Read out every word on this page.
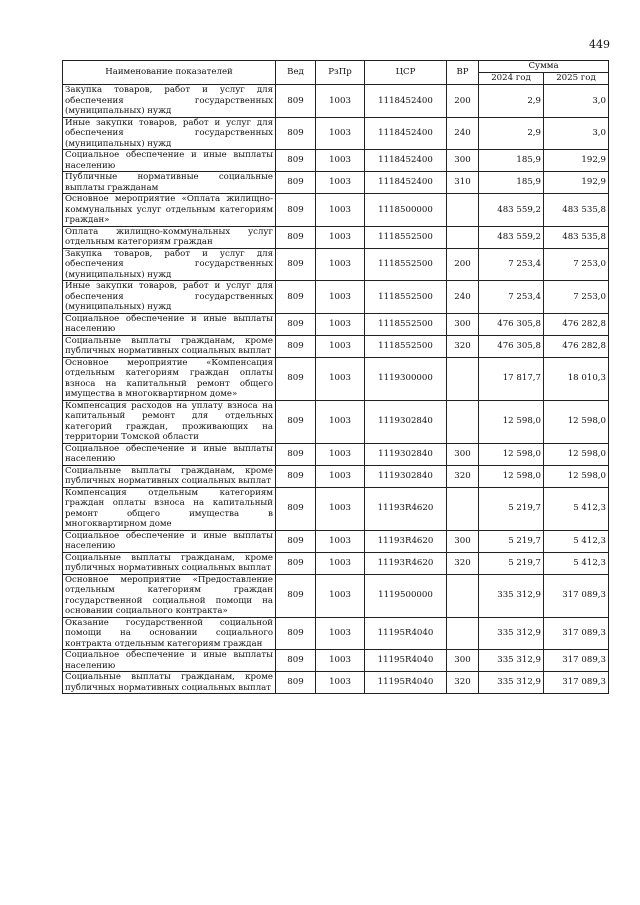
449
Наименование показателей	Вед	РзПр	ЦСР	ВР	Сумма	
					2024 год	2025 год
Закупка товаров, работ и услуг для обеспечения государственных (муниципальных) нужд	809	1003	1118452400	200	2,9	3,0
Иные закупки товаров, работ и услуг для обеспечения государственных (муниципальных) нужд	809	1003	1118452400	240	2,9	3,0
Социальное обеспечение и иные выплаты населению	809	1003	1118452400	300	185,9	192,9
Публичные нормативные социальные выплаты гражданам	809	1003	1118452400	310	185,9	192,9
Основное мероприятие «Оплата жилищно-коммунальных услуг отдельным категориям граждан»	809	1003	1118500000		483 559,2	483 535,8
Оплата жилищно-коммунальных услуг отдельным категориям граждан	809	1003	1118552500		483 559,2	483 535,8
Закупка товаров, работ и услуг для обеспечения государственных (муниципальных) нужд	809	1003	1118552500	200	7 253,4	7 253,0
Иные закупки товаров, работ и услуг для обеспечения государственных (муниципальных) нужд	809	1003	1118552500	240	7 253,4	7 253,0
Социальное обеспечение и иные выплаты населению	809	1003	1118552500	300	476 305,8	476 282,8
Социальные выплаты гражданам, кроме публичных нормативных социальных выплат	809	1003	1118552500	320	476 305,8	476 282,8
Основное мероприятие «Компенсация отдельным категориям граждан оплаты взноса на капитальный ремонт общего имущества в многоквартирном доме»	809	1003	1119300000		17 817,7	18 010,3
Компенсация расходов на уплату взноса на капитальный ремонт для отдельных категорий граждан, проживающих на территории Томской области	809	1003	1119302840		12 598,0	12 598,0
Социальное обеспечение и иные выплаты населению	809	1003	1119302840	300	12 598,0	12 598,0
Социальные выплаты гражданам, кроме публичных нормативных социальных выплат	809	1003	1119302840	320	12 598,0	12 598,0
Компенсация отдельным категориям граждан оплаты взноса на капитальный ремонт общего имущества в многоквартирном доме	809	1003	11193R4620		5 219,7	5 412,3
Социальное обеспечение и иные выплаты населению	809	1003	11193R4620	300	5 219,7	5 412,3
Социальные выплаты гражданам, кроме публичных нормативных социальных выплат	809	1003	11193R4620	320	5 219,7	5 412,3
Основное мероприятие «Предоставление отдельным категориям граждан государственной социальной помощи на основании социального контракта»	809	1003	1119500000		335 312,9	317 089,3
Оказание государственной социальной помощи на основании социального контракта отдельным категориям граждан	809	1003	11195R4040		335 312,9	317 089,3
Социальное обеспечение и иные выплаты населению	809	1003	11195R4040	300	335 312,9	317 089,3
Социальные выплаты гражданам, кроме публичных нормативных социальных выплат	809	1003	11195R4040	320	335 312,9	317 089,3
